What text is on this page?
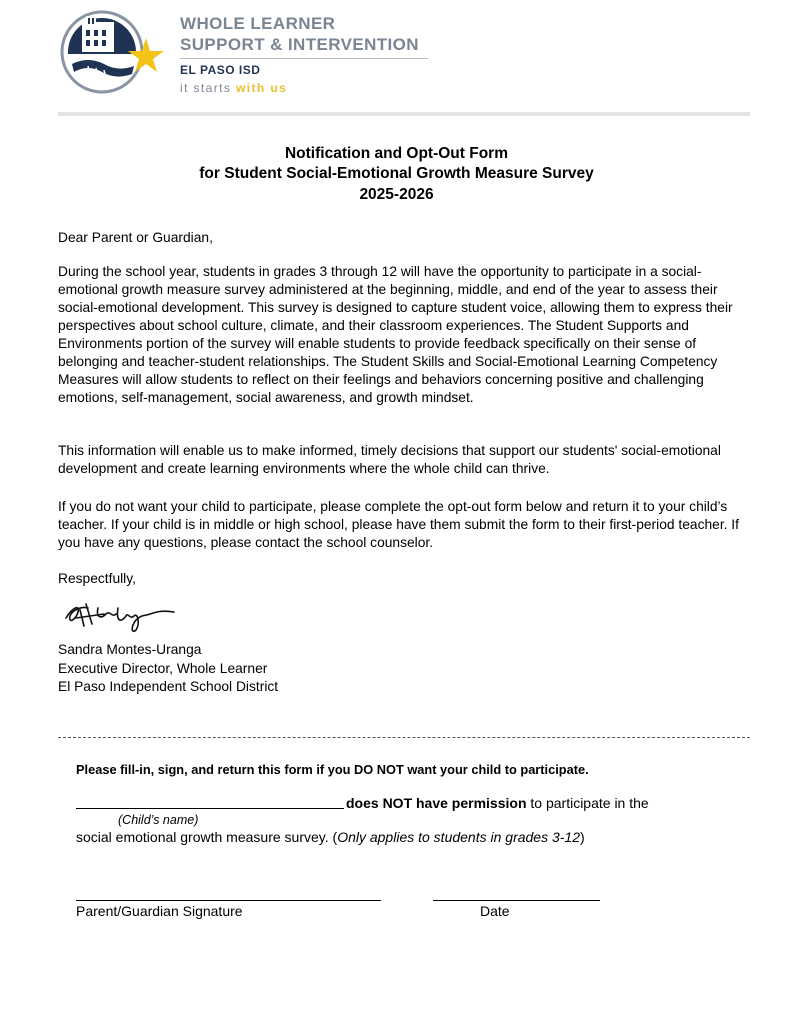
WHOLE LEARNER
SUPPORT & INTERVENTION
EL PASO ISD
it starts with us
Notification and Opt-Out Form
for Student Social-Emotional Growth Measure Survey
2025-2026
Dear Parent or Guardian,
During the school year, students in grades 3 through 12 will have the opportunity to participate in a social-emotional growth measure survey administered at the beginning, middle, and end of the year to assess their social-emotional development. This survey is designed to capture student voice, allowing them to express their perspectives about school culture, climate, and their classroom experiences. The Student Supports and Environments portion of the survey will enable students to provide feedback specifically on their sense of belonging and teacher-student relationships. The Student Skills and Social-Emotional Learning Competency Measures will allow students to reflect on their feelings and behaviors concerning positive and challenging emotions, self-management, social awareness, and growth mindset.
This information will enable us to make informed, timely decisions that support our students' social-emotional development and create learning environments where the whole child can thrive.
If you do not want your child to participate, please complete the opt-out form below and return it to your child’s teacher. If your child is in middle or high school, please have them submit the form to their first-period teacher. If you have any questions, please contact the school counselor.
Respectfully,
Sandra Montes-Uranga
Executive Director, Whole Learner
El Paso Independent School District
Please fill-in, sign, and return this form if you DO NOT want your child to participate.
does NOT have permission to participate in the
(Child’s name)
social emotional growth measure survey. (Only applies to students in grades 3-12)
Parent/Guardian Signature	Date
